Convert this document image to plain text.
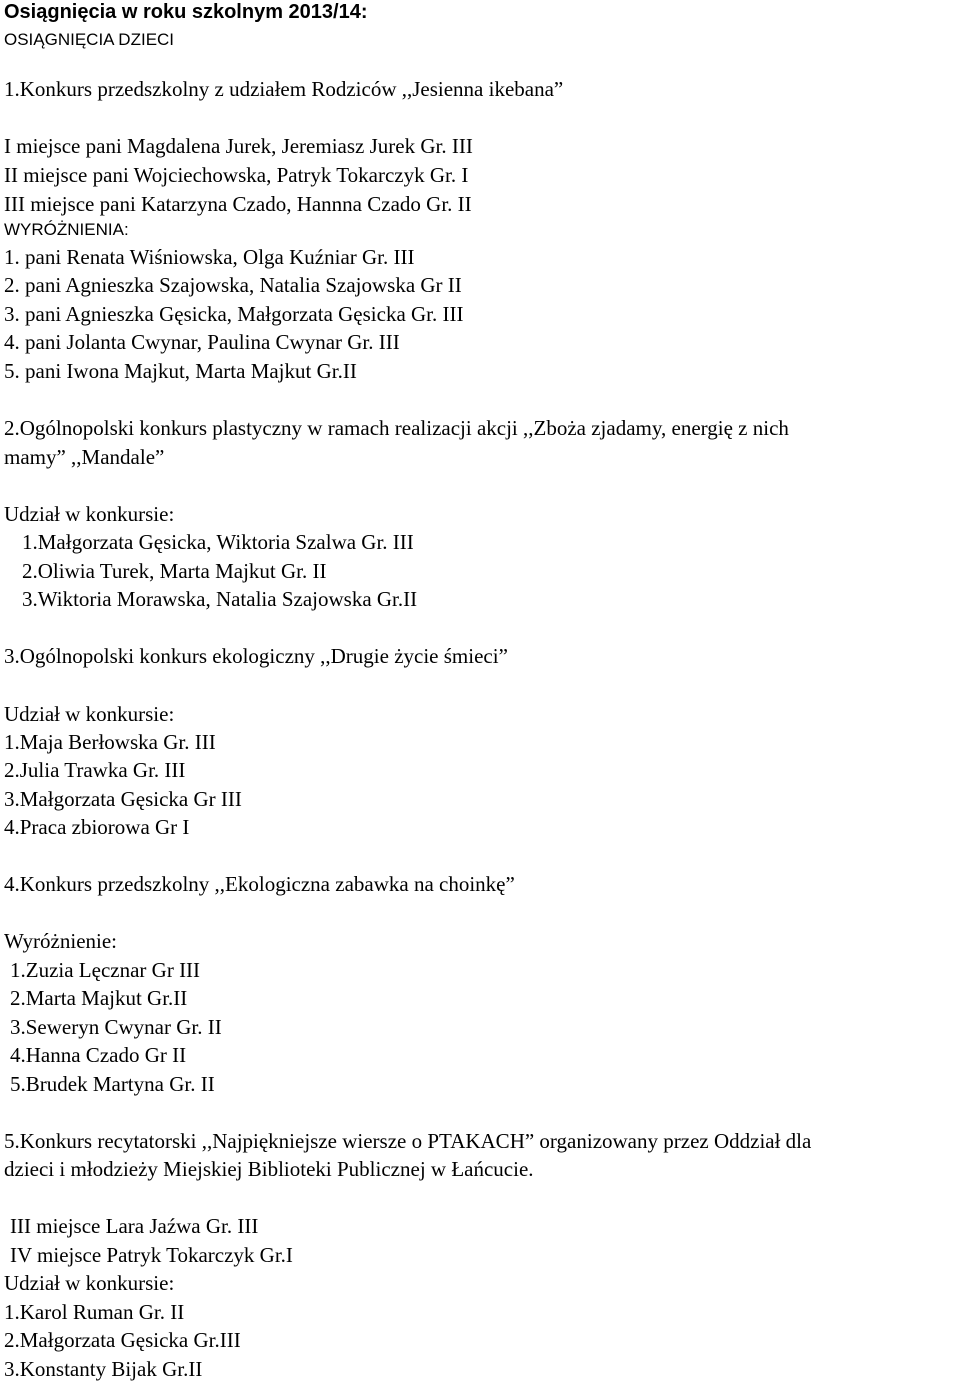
Osiągnięcia w roku szkolnym 2013/14:
OSIĄGNIĘCIA DZIECI
1.Konkurs przedszkolny z udziałem Rodziców ,,Jesienna ikebana”
I miejsce pani Magdalena Jurek, Jeremiasz Jurek Gr. III
II miejsce pani Wojciechowska, Patryk Tokarczyk Gr. I
III miejsce pani Katarzyna Czado, Hannna Czado Gr. II
WYRÓŻNIENIA:
1. pani Renata Wiśniowska, Olga Kuźniar Gr. III
2. pani Agnieszka Szajowska, Natalia Szajowska Gr II
3. pani Agnieszka Gęsicka, Małgorzata Gęsicka Gr. III
4. pani Jolanta Cwynar, Paulina Cwynar Gr. III
5. pani Iwona Majkut, Marta Majkut Gr.II
2.Ogólnopolski konkurs plastyczny w ramach realizacji akcji ,,Zboża zjadamy, energię z nich
mamy” ,,Mandale”
Udział w konkursie:
1.Małgorzata Gęsicka, Wiktoria Szalwa Gr. III
2.Oliwia Turek, Marta Majkut Gr. II
3.Wiktoria Morawska, Natalia Szajowska Gr.II
3.Ogólnopolski konkurs ekologiczny ,,Drugie życie śmieci”
Udział w konkursie:
1.Maja Berłowska Gr. III
2.Julia Trawka Gr. III
3.Małgorzata Gęsicka Gr III
4.Praca zbiorowa Gr I
4.Konkurs przedszkolny ,,Ekologiczna zabawka na choinkę”
Wyróżnienie:
1.Zuzia Lęcznar Gr III
2.Marta Majkut Gr.II
3.Seweryn Cwynar Gr. II
4.Hanna Czado Gr II
5.Brudek Martyna Gr. II
5.Konkurs recytatorski ,,Najpiękniejsze wiersze o PTAKACH” organizowany przez Oddział dla
dzieci i młodzieży Miejskiej Biblioteki Publicznej w Łańcucie.
III miejsce Lara Jaźwa Gr. III
IV miejsce Patryk Tokarczyk Gr.I
Udział w konkursie:
1.Karol Ruman Gr. II
2.Małgorzata Gęsicka Gr.III
3.Konstanty Bijak Gr.II
